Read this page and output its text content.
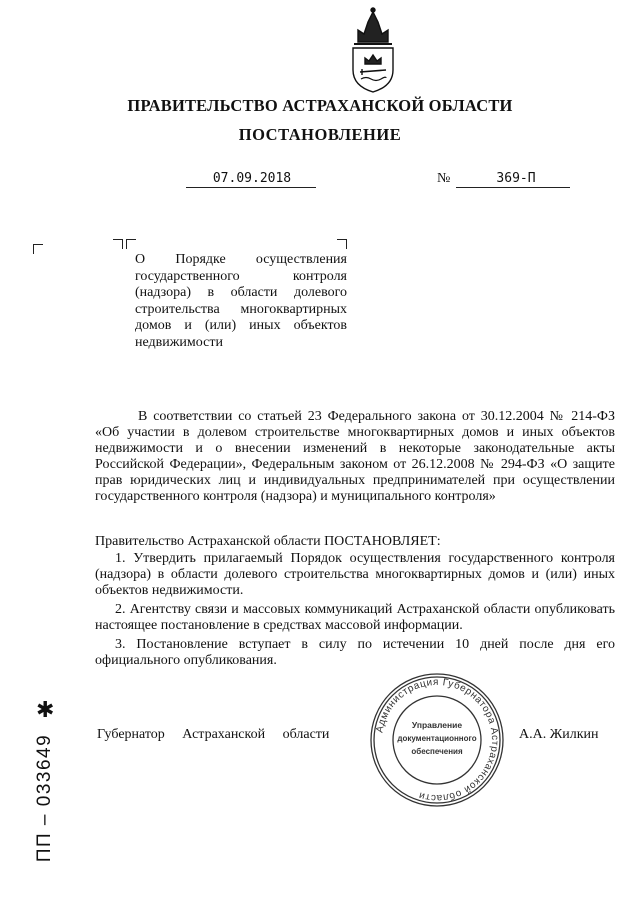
ПРАВИТЕЛЬСТВО АСТРАХАНСКОЙ ОБЛАСТИ
ПОСТАНОВЛЕНИЕ
07.09.2018	№	369-П
О Порядке осуществления государственного контроля (надзора) в области долевого строительства многоквартирных домов и (или) иных объектов недвижимости
В соответствии со статьей 23 Федерального закона от 30.12.2004 № 214-ФЗ «Об участии в долевом строительстве многоквартирных домов и иных объектов недвижимости и о внесении изменений в некоторые законодательные акты Российской Федерации», Федеральным законом от 26.12.2008 № 294-ФЗ «О защите прав юридических лиц и индивидуальных предпринимателей при осуществлении государственного контроля (надзора) и муниципального контроля»
Правительство Астраханской области ПОСТАНОВЛЯЕТ:
1. Утвердить прилагаемый Порядок осуществления государственного контроля (надзора) в области долевого строительства многоквартирных домов и (или) иных объектов недвижимости.
2. Агентству связи и массовых коммуникаций Астраханской области опубликовать настоящее постановление в средствах массовой информации.
3. Постановление вступает в силу по истечении 10 дней после дня его официального опубликования.
Губернатор Астраханской области	А.А. Жилкин
Администрация Губернатора Астраханской области
Управление
документационного
обеспечения
✱
ПП – 033649
